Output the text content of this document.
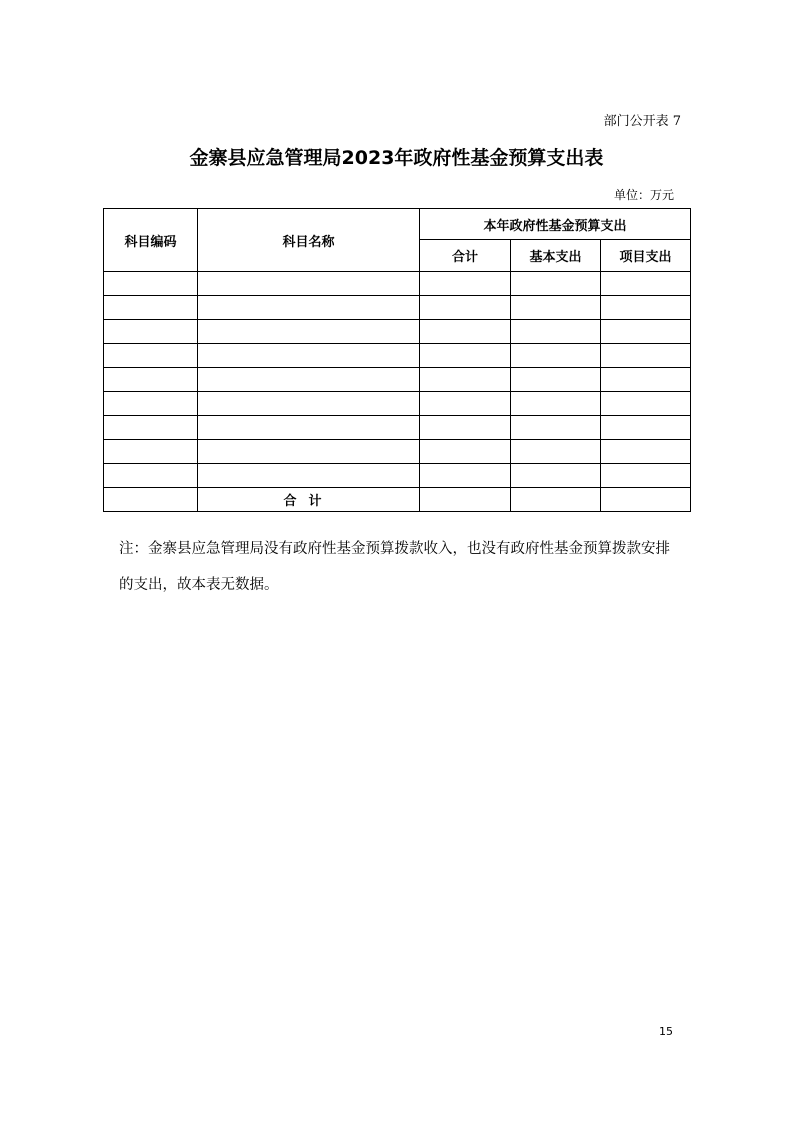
部门公开表 7
金寨县应急管理局2023年政府性基金预算支出表
单位：万元
科目编码	科目名称	本年政府性基金预算支出		
		合计	基本支出	项目支出

	合计			
注：金寨县应急管理局没有政府性基金预算拨款收入，也没有政府性基金预算拨款安排的支出，故本表无数据。
15
